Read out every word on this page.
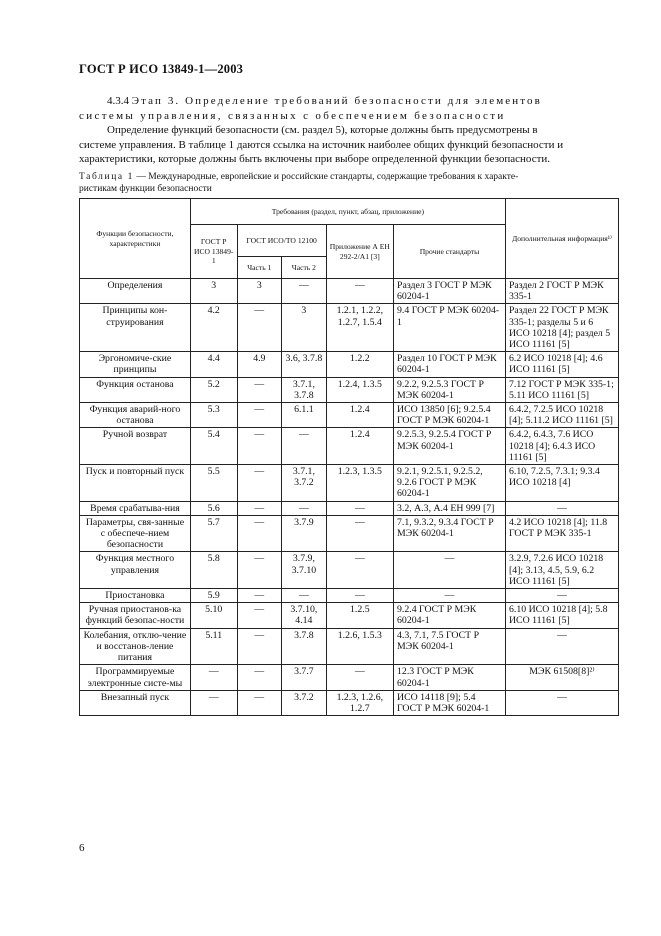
ГОСТ Р ИСО 13849-1—2003

4.3.4 Этап 3. Определение требований безопасности для элементов

системы управления, связанных с обеспечением безопасности

Определение функций безопасности (см. раздел 5), которые должны быть предусмотрены в

системе управления. В таблице 1 даются ссылка на источник наиболее общих функций безопасности и

характеристики, которые должны быть включены при выборе определенной функции безопасности.

Таблица 1 — Международные, европейские и российские стандарты, содержащие требования к характе-
ристикам функции безопасности
Функции безопасности, характеристики	Требования (раздел, пункт, абзац, приложение)					Дополнительная информация¹⁾
	ГОСТ Р ИСО 13849-1	ГОСТ ИСО/ТО 12100		Приложение А ЕН 292-2/А1 [3]	Прочие стандарты	
		Часть 1	Часть 2			
Определения	3	3	—	—	Раздел 3 ГОСТ Р МЭК 60204-1	Раздел 2 ГОСТ Р МЭК 335-1
Принципы кон-струирования	4.2	—	3	1.2.1, 1.2.2, 1.2.7, 1.5.4	9.4 ГОСТ Р МЭК 60204-1	Раздел 22 ГОСТ Р МЭК 335-1; разделы 5 и 6 ИСО 10218 [4]; раздел 5 ИСО 11161 [5]
Эргономиче-ские принципы	4.4	4.9	3.6, 3.7.8	1.2.2	Раздел 10 ГОСТ Р МЭК 60204-1	6.2 ИСО 10218 [4]; 4.6 ИСО 11161 [5]
Функция останова	5.2	—	3.7.1, 3.7.8	1.2.4, 1.3.5	9.2.2, 9.2.5.3 ГОСТ Р МЭК 60204-1	7.12 ГОСТ Р МЭК 335-1; 5.11 ИСО 11161 [5]
Функция аварий-ного останова	5.3	—	6.1.1	1.2.4	ИСО 13850 [6]; 9.2.5.4 ГОСТ Р МЭК 60204-1	6.4.2, 7.2.5 ИСО 10218 [4]; 5.11.2 ИСО 11161 [5]
Ручной возврат	5.4	—	—	1.2.4	9.2.5.3, 9.2.5.4 ГОСТ Р МЭК 60204-1	6.4.2, 6.4.3, 7.6 ИСО 10218 [4]; 6.4.3 ИСО 11161 [5]
Пуск и повторный пуск	5.5	—	3.7.1, 3.7.2	1.2.3, 1.3.5	9.2.1, 9.2.5.1, 9.2.5.2, 9.2.6 ГОСТ Р МЭК 60204-1	6.10, 7.2.5, 7.3.1; 9.3.4 ИСО 10218 [4]
Время срабатыва-ния	5.6	—	—	—	3.2, А.3, А.4 ЕН 999 [7]	—
Параметры, свя-занные с обеспече-нием безопасности	5.7	—	3.7.9	—	7.1, 9.3.2, 9.3.4 ГОСТ Р МЭК 60204-1	4.2 ИСО 10218 [4]; 11.8 ГОСТ Р МЭК 335-1
Функция местного управления	5.8	—	3.7.9, 3.7.10	—	—	3.2.9, 7.2.6 ИСО 10218 [4]; 3.13, 4.5, 5.9, 6.2 ИСО 11161 [5]
Приостановка	5.9	—	—	—	—	—
Ручная приостанов-ка функций безопас-ности	5.10	—	3.7.10, 4.14	1.2.5	9.2.4 ГОСТ Р МЭК 60204-1	6.10 ИСО 10218 [4]; 5.8 ИСО 11161 [5]
Колебания, отклю-чение и восстанов-ление питания	5.11	—	3.7.8	1.2.6, 1.5.3	4.3, 7.1, 7.5 ГОСТ Р МЭК 60204-1	—
Программируемые электронные систе-мы	—	—	3.7.7	—	12.3 ГОСТ Р МЭК 60204-1	МЭК 61508[8]²⁾
Внезапный пуск	—	—	3.7.2	1.2.3, 1.2.6, 1.2.7	ИСО 14118 [9]; 5.4 ГОСТ Р МЭК 60204-1	—
6
